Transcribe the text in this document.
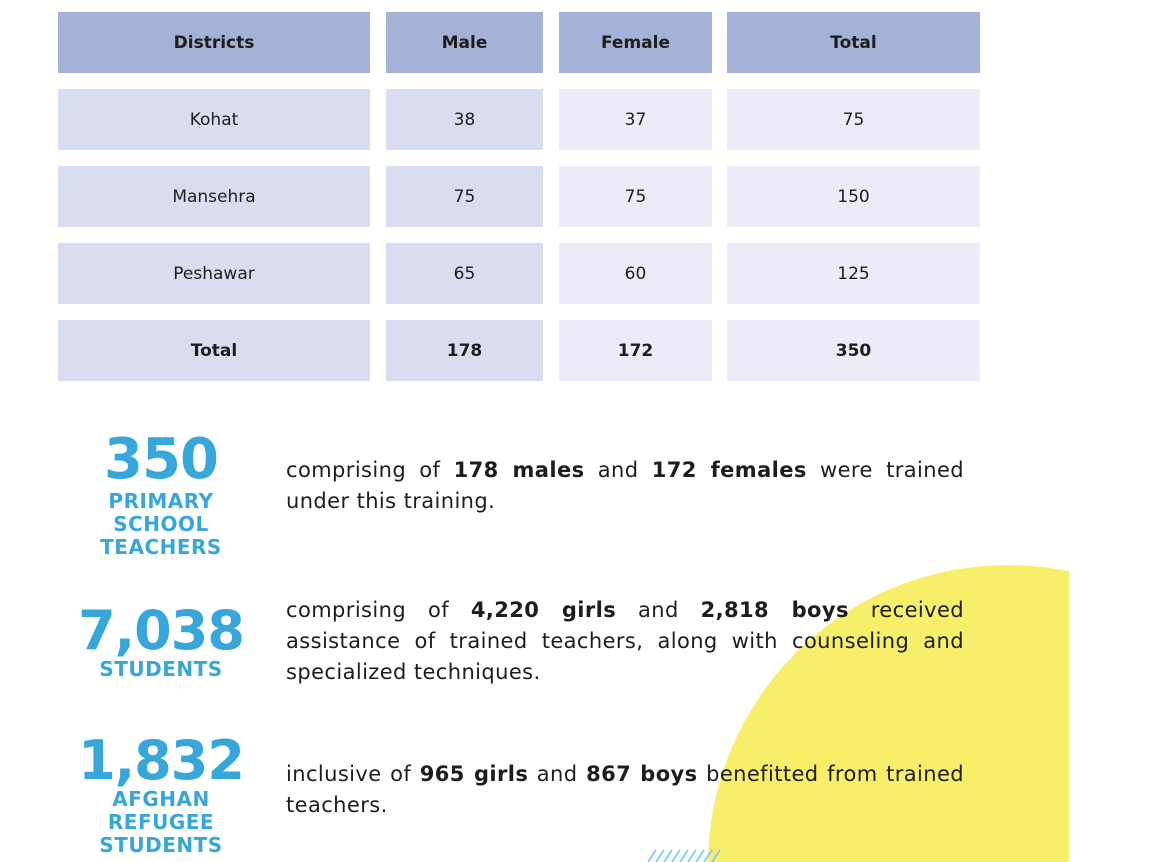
Districts	Male	Female	Total
Kohat	38	37	75
Mansehra	75	75	150
Peshawar	65	60	125
Total	178	172	350
350
PRIMARY
SCHOOL
TEACHERS
comprising of 178 males and 172 females were trained under this training.
7,038
STUDENTS
comprising of 4,220 girls and 2,818 boys received assistance of trained teachers, along with counseling and specialized techniques.
1,832
AFGHAN
REFUGEE
STUDENTS
inclusive of 965 girls and 867 boys benefitted from trained teachers.
